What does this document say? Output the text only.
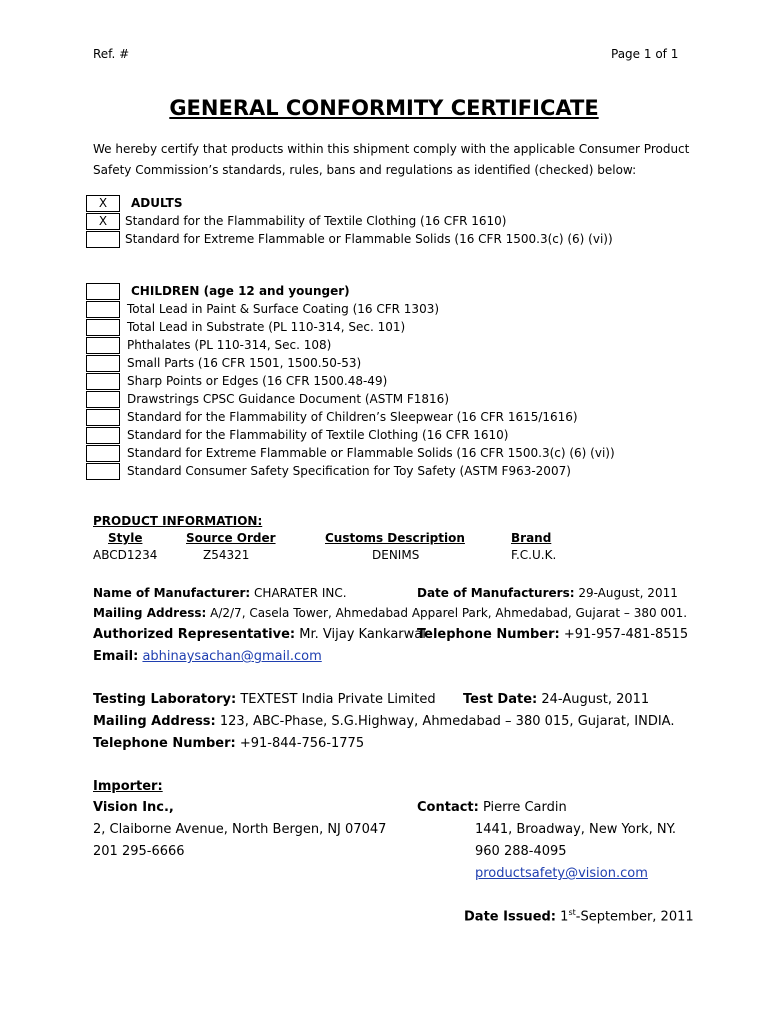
Ref. #	Page 1 of 1
GENERAL CONFORMITY CERTIFICATE
We hereby certify that products within this shipment comply with the applicable Consumer Product
Safety Commission’s standards, rules, bans and regulations as identified (checked) below:
X	ADULTS
X	Standard for the Flammability of Textile Clothing (16 CFR 1610)
Standard for Extreme Flammable or Flammable Solids (16 CFR 1500.3(c) (6) (vi))
CHILDREN (age 12 and younger)
Total Lead in Paint & Surface Coating (16 CFR 1303)
Total Lead in Substrate (PL 110-314, Sec. 101)
Phthalates (PL 110-314, Sec. 108)
Small Parts (16 CFR 1501, 1500.50-53)
Sharp Points or Edges (16 CFR 1500.48-49)
Drawstrings CPSC Guidance Document (ASTM F1816)
Standard for the Flammability of Children’s Sleepwear (16 CFR 1615/1616)
Standard for the Flammability of Textile Clothing (16 CFR 1610)
Standard for Extreme Flammable or Flammable Solids (16 CFR 1500.3(c) (6) (vi))
Standard Consumer Safety Specification for Toy Safety (ASTM F963-2007)
PRODUCT INFORMATION:
Style	Source Order	Customs Description	Brand
ABCD1234	Z54321	DENIMS	F.C.U.K.
Name of Manufacturer: CHARATER INC.	Date of Manufacturers: 29-August, 2011
Mailing Address: A/2/7, Casela Tower, Ahmedabad Apparel Park, Ahmedabad, Gujarat – 380 001.
Authorized Representative: Mr. Vijay Kankarwal
Telephone Number: +91-957-481-8515
Email: abhinaysachan@gmail.com
Testing Laboratory: TEXTEST India Private Limited Test Date: 24-August, 2011
Mailing Address: 123, ABC-Phase, S.G.Highway, Ahmedabad – 380 015, Gujarat, INDIA.
Telephone Number: +91-844-756-1775
Importer:
Vision Inc.,
2, Claiborne Avenue, North Bergen, NJ 07047
201 295-6666
Contact: Pierre Cardin
1441, Broadway, New York, NY.
960 288-4095
productsafety@vision.com
Date Issued: 1st-September, 2011
